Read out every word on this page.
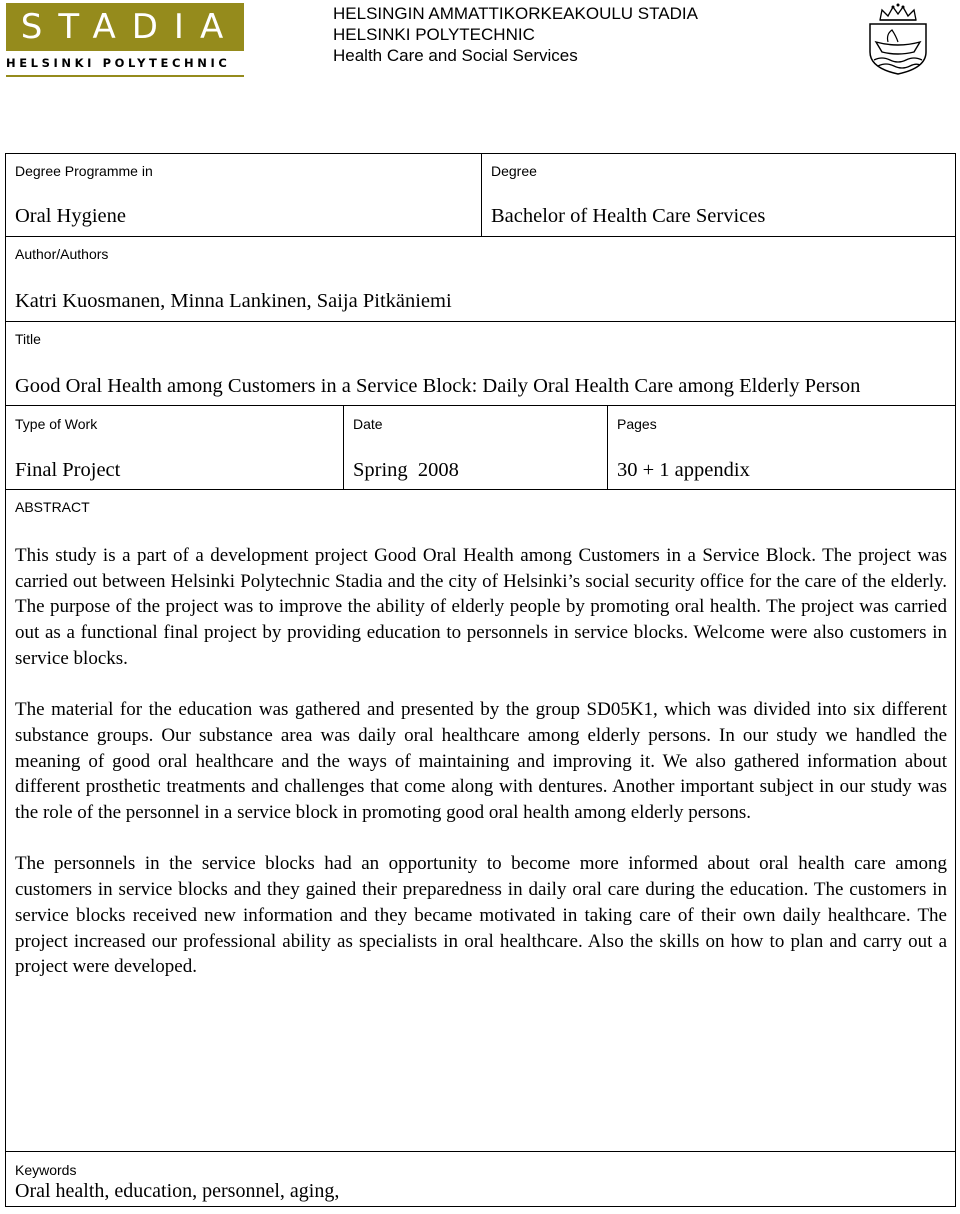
STADIA
HELSINKI POLYTECHNIC
HELSINGIN AMMATTIKORKEAKOULU STADIA
HELSINKI POLYTECHNIC
Health Care and Social Services
Degree Programme in
Oral Hygiene
Degree
Bachelor of Health Care Services
Author/Authors
Katri Kuosmanen, Minna Lankinen, Saija Pitkäniemi
Title
Good Oral Health among Customers in a Service Block: Daily Oral Health Care among Elderly Person
Type of Work
Final Project
Date
Spring  2008
Pages
30 + 1 appendix
ABSTRACT

This study is a part of a development project Good Oral Health among Customers in a Service Block. The project was carried out between Helsinki Polytechnic Stadia and the city of Helsinki’s social security office for the care of the elderly. The purpose of the project was to improve the ability of elderly people by promoting oral health. The project was carried out as a functional final project by providing education to personnels in service blocks. Welcome were also customers in service blocks.

The material for the education was gathered and presented by the group SD05K1, which was divided into six different substance groups. Our substance area was daily oral healthcare among elderly persons. In our study we handled the meaning of good oral healthcare and the ways of maintaining and improving it. We also gathered information about different prosthetic treatments and challenges that come along with dentures. Another important subject in our study was the role of the personnel in a service block in promoting good oral health among elderly persons.

The personnels in the service blocks had an opportunity to become more informed about oral health care among customers in service blocks and they gained their preparedness in daily oral care during the education. The customers in service blocks received new information and they became motivated in taking care of their own daily healthcare. The project increased our professional ability as specialists in oral healthcare. Also the skills on how to plan and carry out a project were developed.

Keywords
Oral health, education, personnel, aging,
